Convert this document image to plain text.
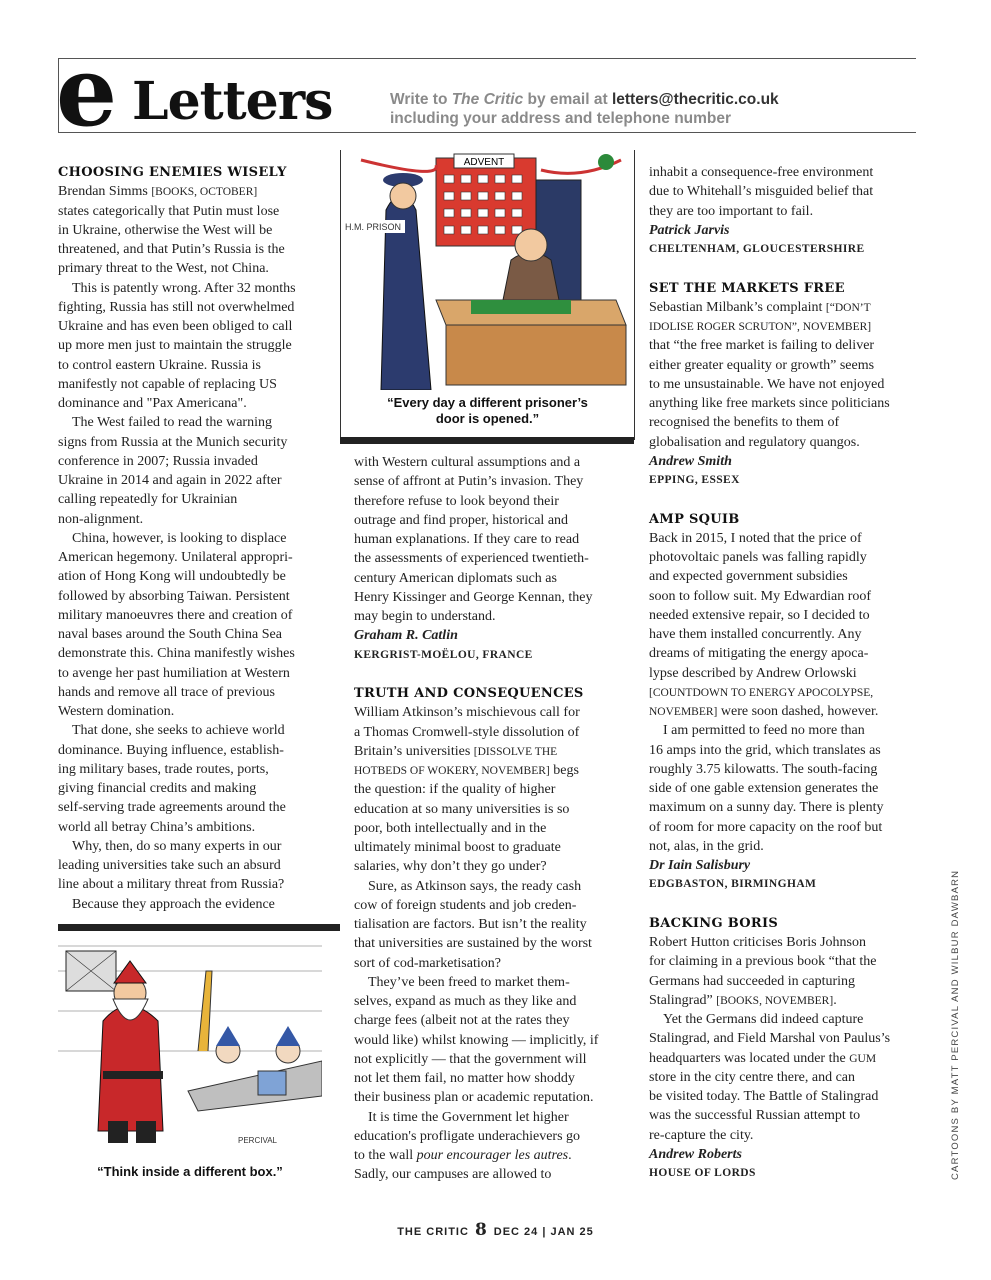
e Letters	Write to The Critic by email at letters@thecritic.co.uk
including your address and telephone number
CHOOSING ENEMIES WISELY
Brendan Simms [BOOKS, OCTOBER]
states categorically that Putin must lose
in Ukraine, otherwise the West will be
threatened, and that Putin’s Russia is the
primary threat to the West, not China.
This is patently wrong. After 32 months
fighting, Russia has still not overwhelmed
Ukraine and has even been obliged to call
up more men just to maintain the struggle
to control eastern Ukraine. Russia is
manifestly not capable of replacing US
dominance and "Pax Americana".
The West failed to read the warning
signs from Russia at the Munich security
conference in 2007; Russia invaded
Ukraine in 2014 and again in 2022 after
calling repeatedly for Ukrainian
non-alignment.
China, however, is looking to displace
American hegemony. Unilateral appropri-
ation of Hong Kong will undoubtedly be
followed by absorbing Taiwan. Persistent
military manoeuvres there and creation of
naval bases around the South China Sea
demonstrate this. China manifestly wishes
to avenge her past humiliation at Western
hands and remove all trace of previous
Western domination.
That done, she seeks to achieve world
dominance. Buying influence, establish-
ing military bases, trade routes, ports,
giving financial credits and making
self-serving trade agreements around the
world all betray China’s ambitions.
Why, then, do so many experts in our
leading universities take such an absurd
line about a military threat from Russia?
Because they approach the evidence
with Western cultural assumptions and a
sense of affront at Putin’s invasion. They
therefore refuse to look beyond their
outrage and find proper, historical and
human explanations. If they care to read
the assessments of experienced twentieth-
century American diplomats such as
Henry Kissinger and George Kennan, they
may begin to understand.
Graham R. Catlin
KERGRIST-MOËLOU, FRANCE
TRUTH AND CONSEQUENCES
William Atkinson’s mischievous call for
a Thomas Cromwell-style dissolution of
Britain’s universities [DISSOLVE THE
HOTBEDS OF WOKERY, NOVEMBER] begs
the question: if the quality of higher
education at so many universities is so
poor, both intellectually and in the
ultimately minimal boost to graduate
salaries, why don’t they go under?
Sure, as Atkinson says, the ready cash
cow of foreign students and job creden-
tialisation are factors. But isn’t the reality
that universities are sustained by the worst
sort of cod-marketisation?
They’ve been freed to market them-
selves, expand as much as they like and
charge fees (albeit not at the rates they
would like) whilst knowing — implicitly, if
not explicitly — that the government will
not let them fail, no matter how shoddy
their business plan or academic reputation.
It is time the Government let higher
education's profligate underachievers go
to the wall pour encourager les autres.
Sadly, our campuses are allowed to
inhabit a consequence-free environment
due to Whitehall’s misguided belief that
they are too important to fail.
Patrick Jarvis
CHELTENHAM, GLOUCESTERSHIRE
SET THE MARKETS FREE
Sebastian Milbank’s complaint [“DON’T
IDOLISE ROGER SCRUTON”, NOVEMBER]
that “the free market is failing to deliver
either greater equality or growth” seems
to me unsustainable. We have not enjoyed
anything like free markets since politicians
recognised the benefits to them of
globalisation and regulatory quangos.
Andrew Smith
EPPING, ESSEX
AMP SQUIB
Back in 2015, I noted that the price of
photovoltaic panels was falling rapidly
and expected government subsidies
soon to follow suit. My Edwardian roof
needed extensive repair, so I decided to
have them installed concurrently. Any
dreams of mitigating the energy apoca-
lypse described by Andrew Orlowski
[COUNTDOWN TO ENERGY APOCOLYPSE,
NOVEMBER] were soon dashed, however.
I am permitted to feed no more than
16 amps into the grid, which translates as
roughly 3.75 kilowatts. The south-facing
side of one gable extension generates the
maximum on a sunny day. There is plenty
of room for more capacity on the roof but
not, alas, in the grid.
Dr Iain Salisbury
EDGBASTON, BIRMINGHAM
BACKING BORIS
Robert Hutton criticises Boris Johnson
for claiming in a previous book “that the
Germans had succeeded in capturing
Stalingrad” [BOOKS, NOVEMBER].
Yet the Germans did indeed capture
Stalingrad, and Field Marshal von Paulus’s
headquarters was located under the GUM
store in the city centre there, and can
be visited today. The Battle of Stalingrad
was the successful Russian attempt to
re-capture the city.
Andrew Roberts
HOUSE OF LORDS
ADVENT
H.M. PRISON
“Every day a different prisoner’s
door is opened.”
PERCIVAL
“Think inside a different box.”	CARTOONS BY MATT PERCIVAL AND WILBUR DAWBARN
THE CRITIC 8 DEC 24 | JAN 25
